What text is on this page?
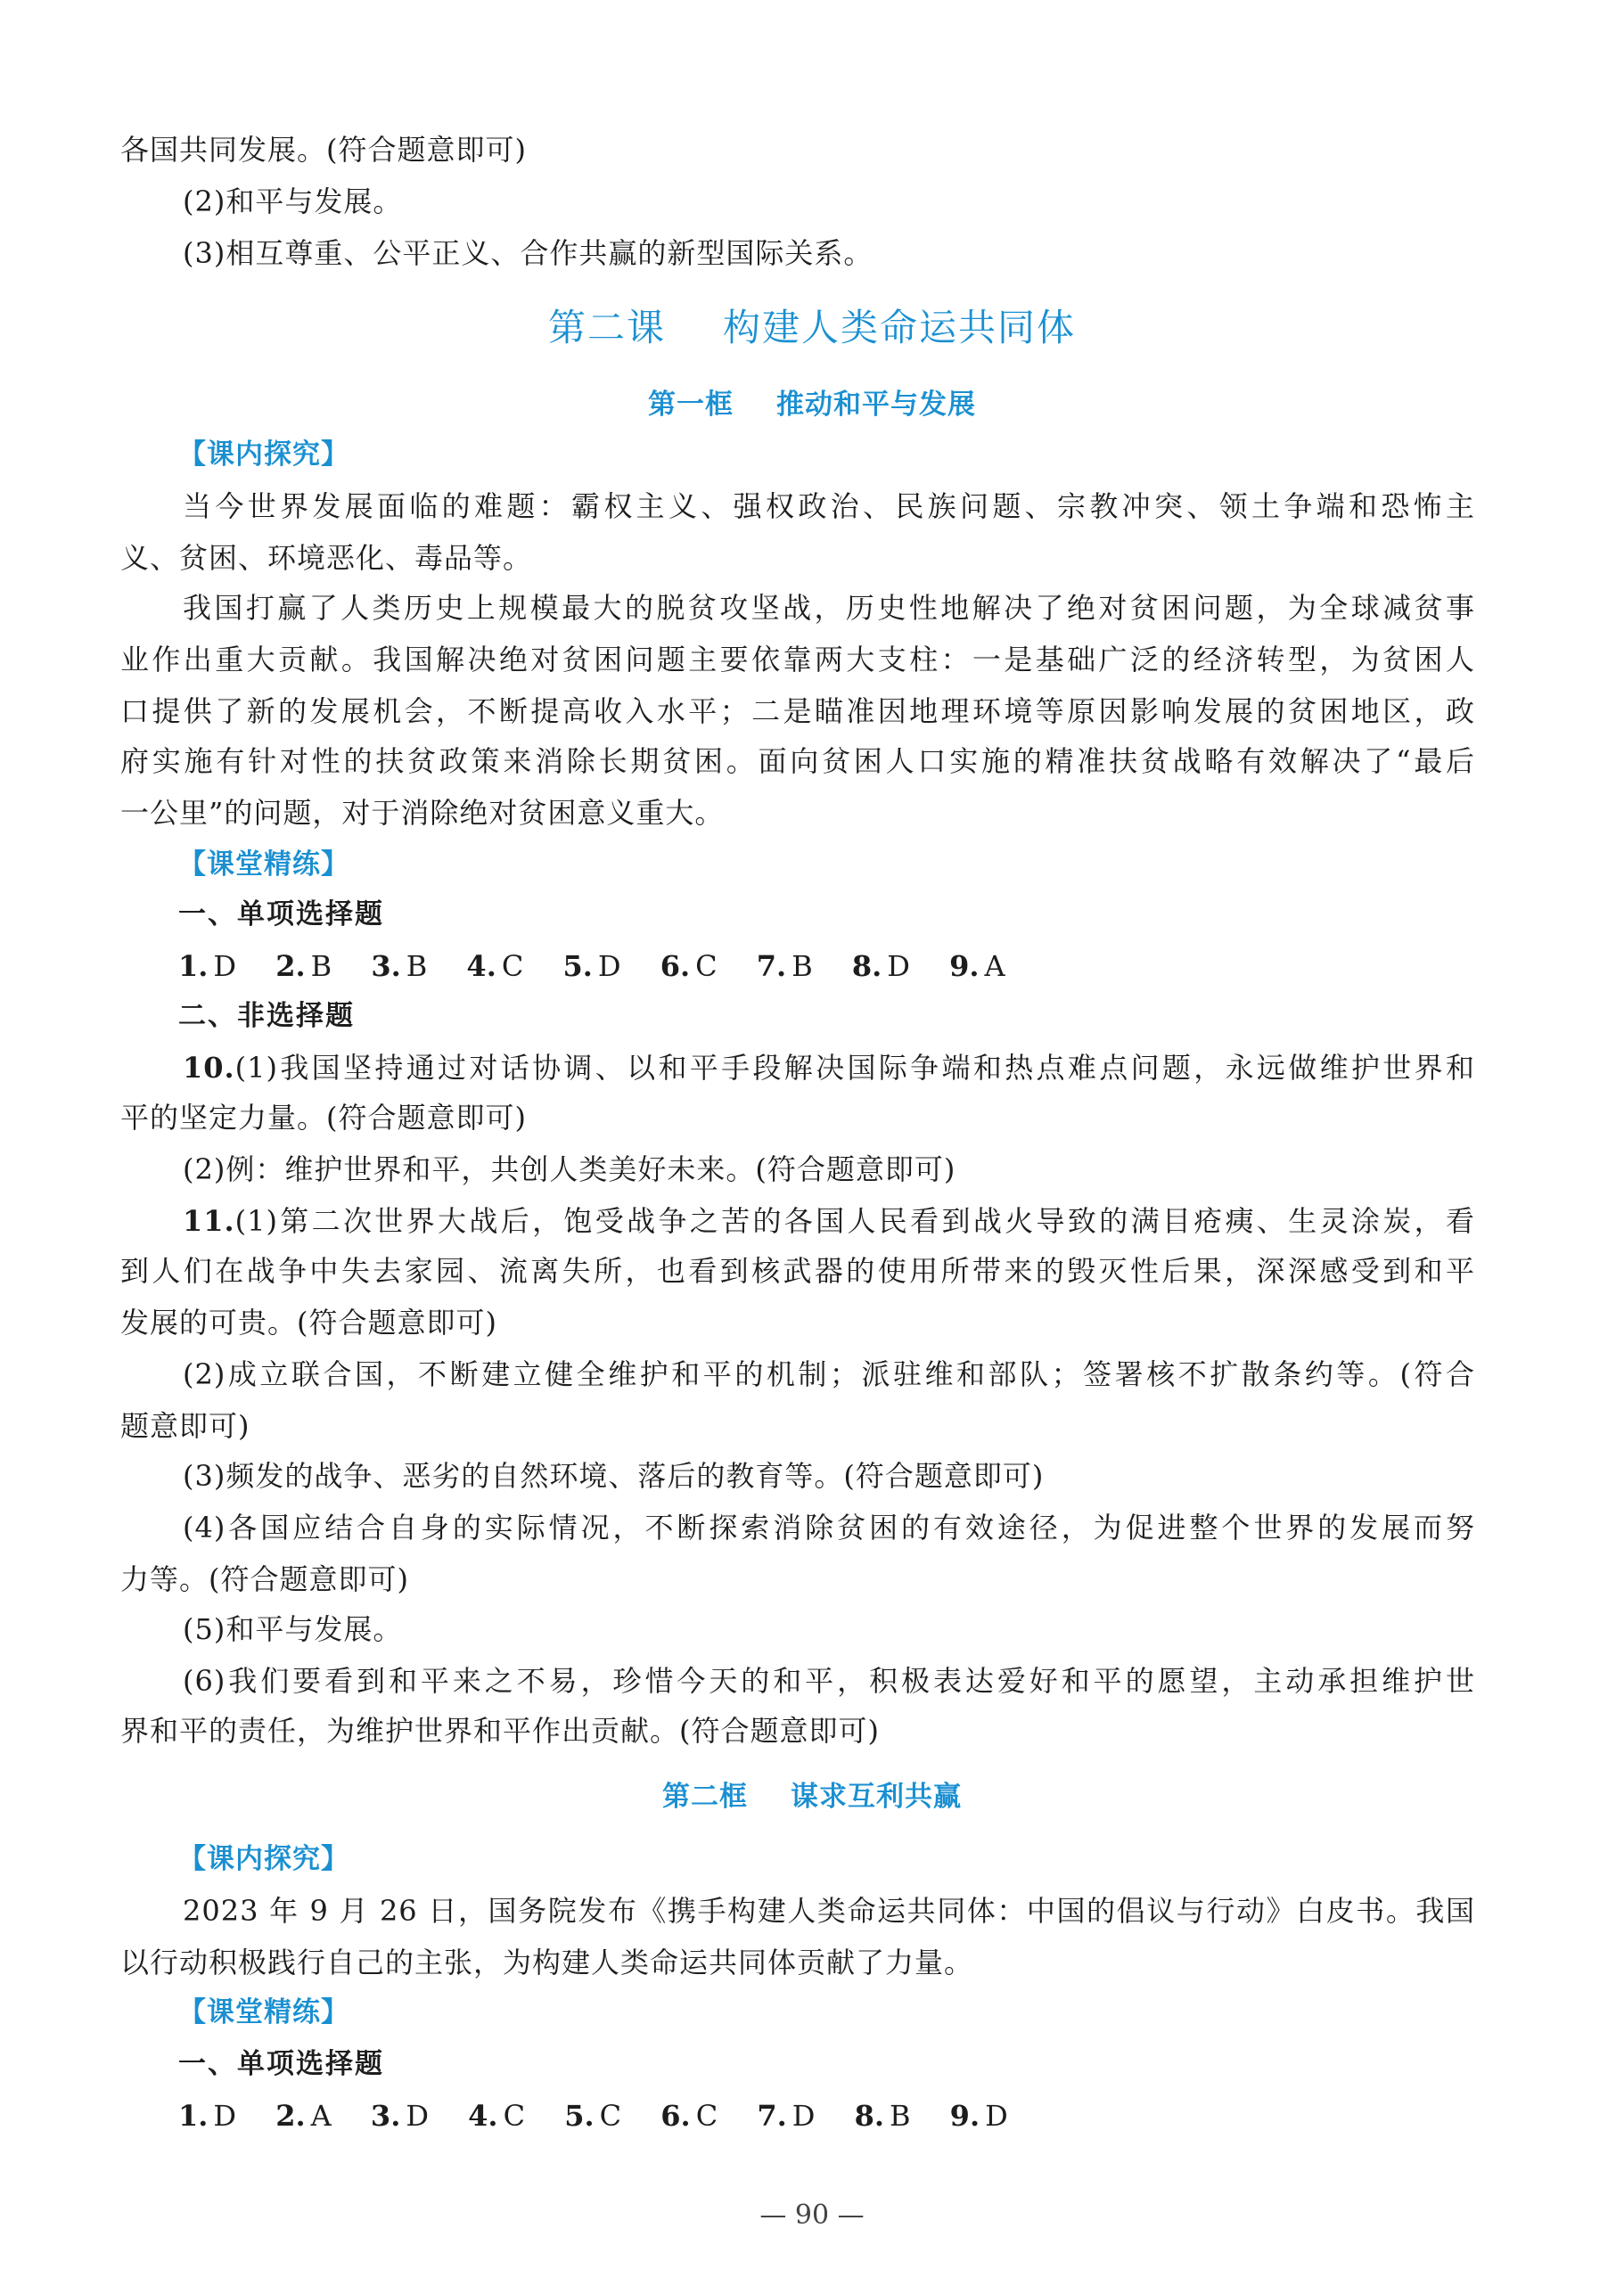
各国共同发展。(符合题意即可)
(2)和平与发展。
(3)相互尊重、公平正义、合作共赢的新型国际关系。
第二课 构建人类命运共同体
第一框 推动和平与发展
【课内探究】
当今世界发展面临的难题：霸权主义、强权政治、民族问题、宗教冲突、领土争端和恐怖主
义、贫困、环境恶化、毒品等。
我国打赢了人类历史上规模最大的脱贫攻坚战，历史性地解决了绝对贫困问题，为全球减贫事
业作出重大贡献。我国解决绝对贫困问题主要依靠两大支柱：一是基础广泛的经济转型，为贫困人
口提供了新的发展机会，不断提高收入水平；二是瞄准因地理环境等原因影响发展的贫困地区，政
府实施有针对性的扶贫政策来消除长期贫困。面向贫困人口实施的精准扶贫战略有效解决了“最后
一公里”的问题，对于消除绝对贫困意义重大。
【课堂精练】
一、单项选择题
1. D 2. B 3. B 4. C 5. D 6. C 7. B 8. D 9. A
二、非选择题
10.(1)我国坚持通过对话协调、以和平手段解决国际争端和热点难点问题，永远做维护世界和
平的坚定力量。(符合题意即可)
(2)例：维护世界和平，共创人类美好未来。(符合题意即可)
11.(1)第二次世界大战后，饱受战争之苦的各国人民看到战火导致的满目疮痍、生灵涂炭，看
到人们在战争中失去家园、流离失所，也看到核武器的使用所带来的毁灭性后果，深深感受到和平
发展的可贵。(符合题意即可)
(2)成立联合国，不断建立健全维护和平的机制；派驻维和部队；签署核不扩散条约等。(符合
题意即可)
(3)频发的战争、恶劣的自然环境、落后的教育等。(符合题意即可)
(4)各国应结合自身的实际情况，不断探索消除贫困的有效途径，为促进整个世界的发展而努
力等。(符合题意即可)
(5)和平与发展。
(6)我们要看到和平来之不易，珍惜今天的和平，积极表达爱好和平的愿望，主动承担维护世
界和平的责任，为维护世界和平作出贡献。(符合题意即可)
第二框 谋求互利共赢
【课内探究】
2023 年 9 月 26 日，国务院发布《携手构建人类命运共同体：中国的倡议与行动》白皮书。我国
以行动积极践行自己的主张，为构建人类命运共同体贡献了力量。
【课堂精练】
一、单项选择题
1. D 2. A 3. D 4. C 5. C 6. C 7. D 8. B 9. D
— 90 —
